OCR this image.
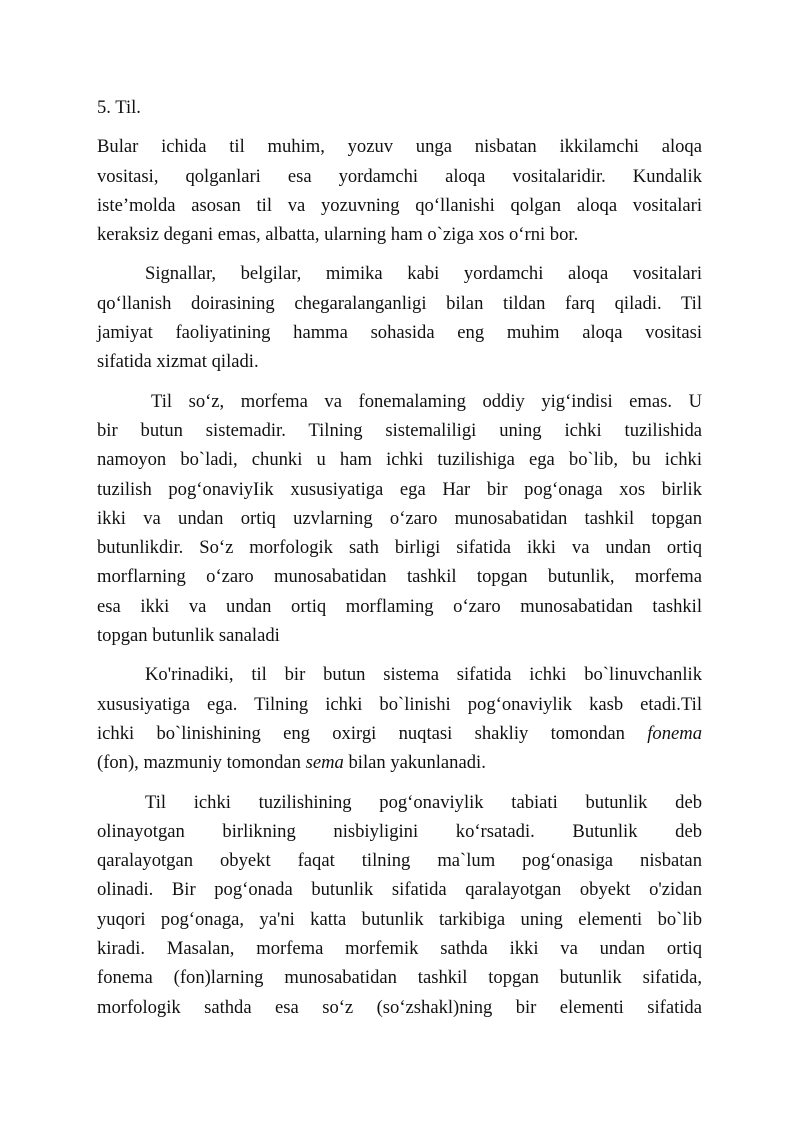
5. Til.
Bular ichida til muhim, yozuv unga nisbatan ikkilamchi aloqa
vositasi, qolganlari esa yordamchi aloqa vositalaridir. Kundalik
iste’molda asosan til va yozuvning qo‘llanishi qolgan aloqa vositalari
keraksiz degani emas, albatta, ularning ham o`ziga xos o‘rni bor.
Signallar, belgilar, mimika kabi yordamchi aloqa vositalari
qo‘llanish doirasining chegaralanganligi bilan tildan farq qiladi. Til
jamiyat faoliyatining hamma sohasida eng muhim aloqa vositasi
sifatida xizmat qiladi.
Til so‘z, morfema va fonemalaming oddiy yig‘indisi emas. U
bir butun sistemadir. Tilning sistemaliligi uning ichki tuzilishida
namoyon bo`ladi, chunki u ham ichki tuzilishiga ega bo`lib, bu ichki
tuzilish pog‘onaviyIik xususiyatiga ega Har bir pog‘onaga xos birlik
ikki va undan ortiq uzvlarning o‘zaro munosabatidan tashkil topgan
butunlikdir. So‘z morfologik sath birligi sifatida ikki va undan ortiq
morflarning o‘zaro munosabatidan tashkil topgan butunlik, morfema
esa ikki va undan ortiq morflaming o‘zaro munosabatidan tashkil
topgan butunlik sanaladi
Ko'rinadiki, til bir butun sistema sifatida ichki bo`linuvchanlik
xususiyatiga ega. Tilning ichki bo`linishi pog‘onaviylik kasb etadi.Til
ichki bo`linishining eng oxirgi nuqtasi shakliy tomondan fonema
(fon), mazmuniy tomondan sema bilan yakunlanadi.
Til ichki tuzilishining pog‘onaviylik tabiati butunlik deb
olinayotgan birlikning nisbiyligini ko‘rsatadi. Butunlik deb
qaralayotgan obyekt faqat tilning ma`lum pog‘onasiga nisbatan
olinadi. Bir pog‘onada butunlik sifatida qaralayotgan obyekt o'zidan
yuqori pog‘onaga, ya'ni katta butunlik tarkibiga uning elementi bo`lib
kiradi. Masalan, morfema morfemik sathda ikki va undan ortiq
fonema (fon)larning munosabatidan tashkil topgan butunlik sifatida,
morfologik sathda esa so‘z (so‘zshakl)ning bir elementi sifatida
